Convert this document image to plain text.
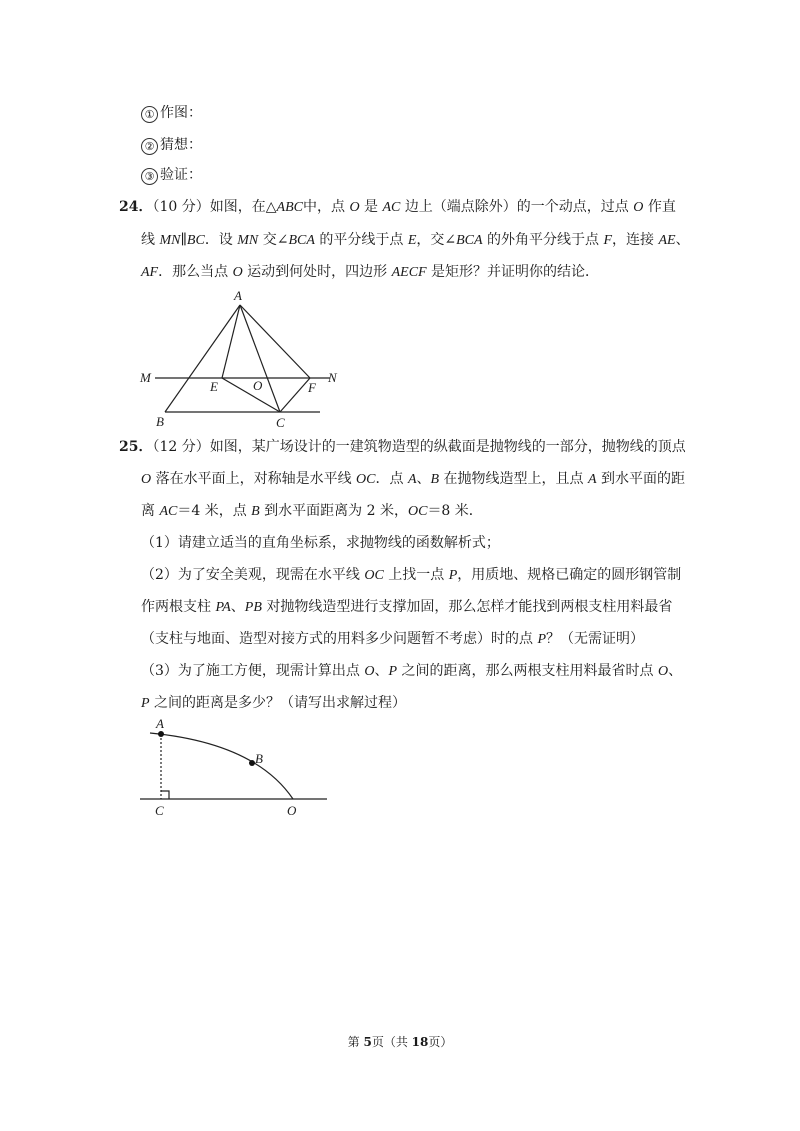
① 作图：
② 猜想：
③ 验证：
24．（10 分）如图，在△ABC中，点 O 是 AC 边上（端点除外）的一个动点，过点 O 作直
线 MN∥BC．设 MN 交∠BCA 的平分线于点 E，交∠BCA 的外角平分线于点 F，连接 AE、
AF．那么当点 O 运动到何处时，四边形 AECF 是矩形？并证明你的结论．
A
M
E	O	F
N
B	C
25．（12 分）如图，某广场设计的一建筑物造型的纵截面是抛物线的一部分，抛物线的顶点
O 落在水平面上，对称轴是水平线 OC．点 A、B 在抛物线造型上，且点 A 到水平面的距
离 AC＝4 米，点 B 到水平面距离为 2 米，OC＝8 米．
（1）请建立适当的直角坐标系，求抛物线的函数解析式；
（2）为了安全美观，现需在水平线 OC 上找一点 P，用质地、规格已确定的圆形钢管制
作两根支柱 PA、PB 对抛物线造型进行支撑加固，那么怎样才能找到两根支柱用料最省
（支柱与地面、造型对接方式的用料多少问题暂不考虑）时的点 P？（无需证明）
（3）为了施工方便，现需计算出点 O、P 之间的距离，那么两根支柱用料最省时点 O、
P 之间的距离是多少？（请写出求解过程）
A
B
C	O
第 5页（共 18页）
